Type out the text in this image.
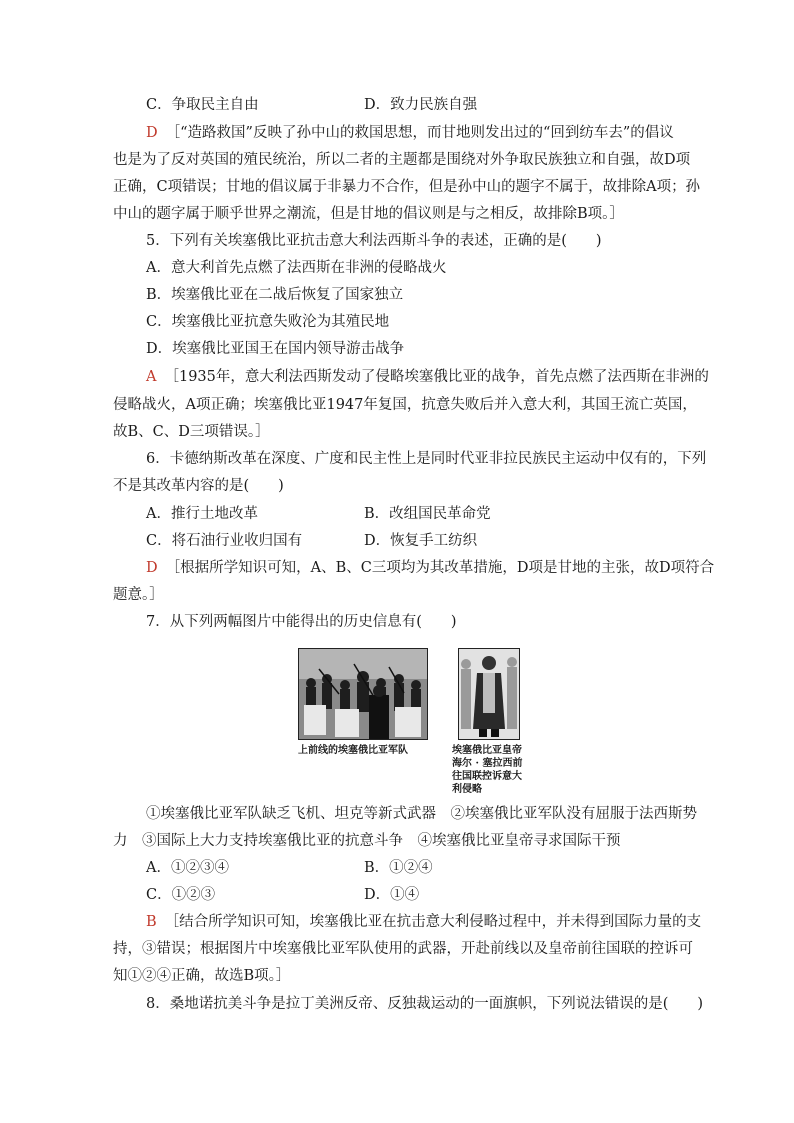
C．争取民主自由	D．致力民族自强
D ［“造路救国”反映了孙中山的救国思想，而甘地则发出过的“回到纺车去”的倡议
也是为了反对英国的殖民统治，所以二者的主题都是围绕对外争取民族独立和自强，故D项
正确，C项错误；甘地的倡议属于非暴力不合作，但是孙中山的题字不属于，故排除A项；孙
中山的题字属于顺乎世界之潮流，但是甘地的倡议则是与之相反，故排除B项。］
5．下列有关埃塞俄比亚抗击意大利法西斯斗争的表述，正确的是(　　)
A．意大利首先点燃了法西斯在非洲的侵略战火
B．埃塞俄比亚在二战后恢复了国家独立
C．埃塞俄比亚抗意失败沦为其殖民地
D．埃塞俄比亚国王在国内领导游击战争
A ［1935年，意大利法西斯发动了侵略埃塞俄比亚的战争，首先点燃了法西斯在非洲的
侵略战火，A项正确；埃塞俄比亚1947年复国，抗意失败后并入意大利，其国王流亡英国，
故B、C、D三项错误。］
6．卡德纳斯改革在深度、广度和民主性上是同时代亚非拉民族民主运动中仅有的，下列
不是其改革内容的是(　　)
A．推行土地改革	B．改组国民革命党
C．将石油行业收归国有	D．恢复手工纺织
D ［根据所学知识可知，A、B、C三项均为其改革措施，D项是甘地的主张，故D项符合
题意。］
7．从下列两幅图片中能得出的历史信息有(　　)
上前线的埃塞俄比亚军队	埃塞俄比亚皇帝
海尔 · 塞拉西前
往国联控诉意大
利侵略
①埃塞俄比亚军队缺乏飞机、坦克等新式武器　②埃塞俄比亚军队没有屈服于法西斯势
力　③国际上大力支持埃塞俄比亚的抗意斗争　④埃塞俄比亚皇帝寻求国际干预
A．①②③④	B．①②④
C．①②③	D．①④
B ［结合所学知识可知，埃塞俄比亚在抗击意大利侵略过程中，并未得到国际力量的支
持，③错误；根据图片中埃塞俄比亚军队使用的武器，开赴前线以及皇帝前往国联的控诉可
知①②④正确，故选B项。］
8．桑地诺抗美斗争是拉丁美洲反帝、反独裁运动的一面旗帜，下列说法错误的是(　　)
